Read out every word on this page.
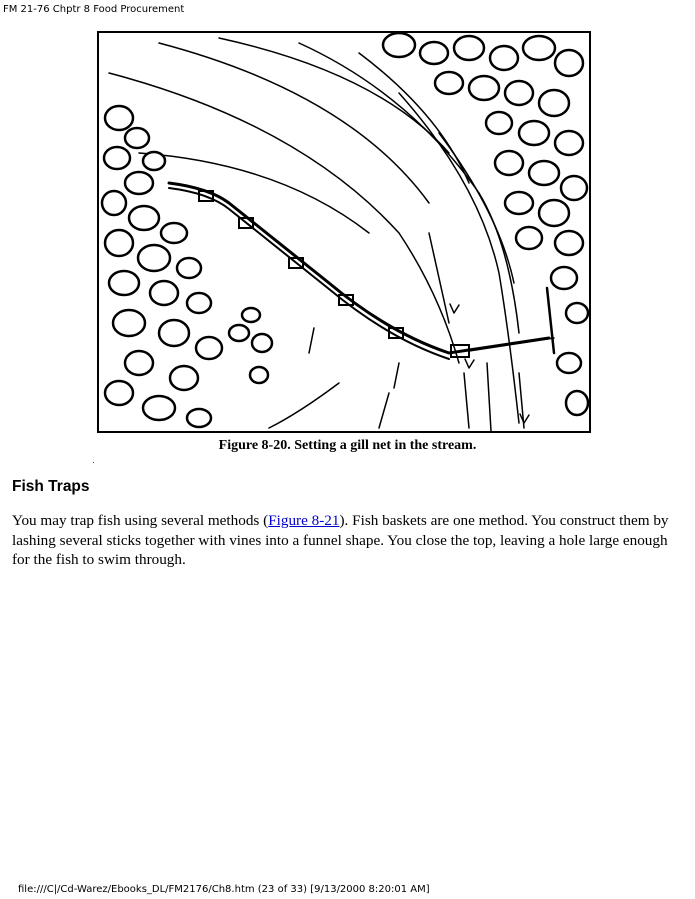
FM 21-76 Chptr 8 Food Procurement
Figure 8-20. Setting a gill net in the stream.
Fish Traps

You may trap fish using several methods (Figure 8-21). Fish baskets are one method. You construct them by lashing several sticks together with vines into a funnel shape. You close the top, leaving a hole large enough for the fish to swim through.

file:///C|/Cd-Warez/Ebooks_DL/FM2176/Ch8.htm (23 of 33) [9/13/2000 8:20:01 AM]
